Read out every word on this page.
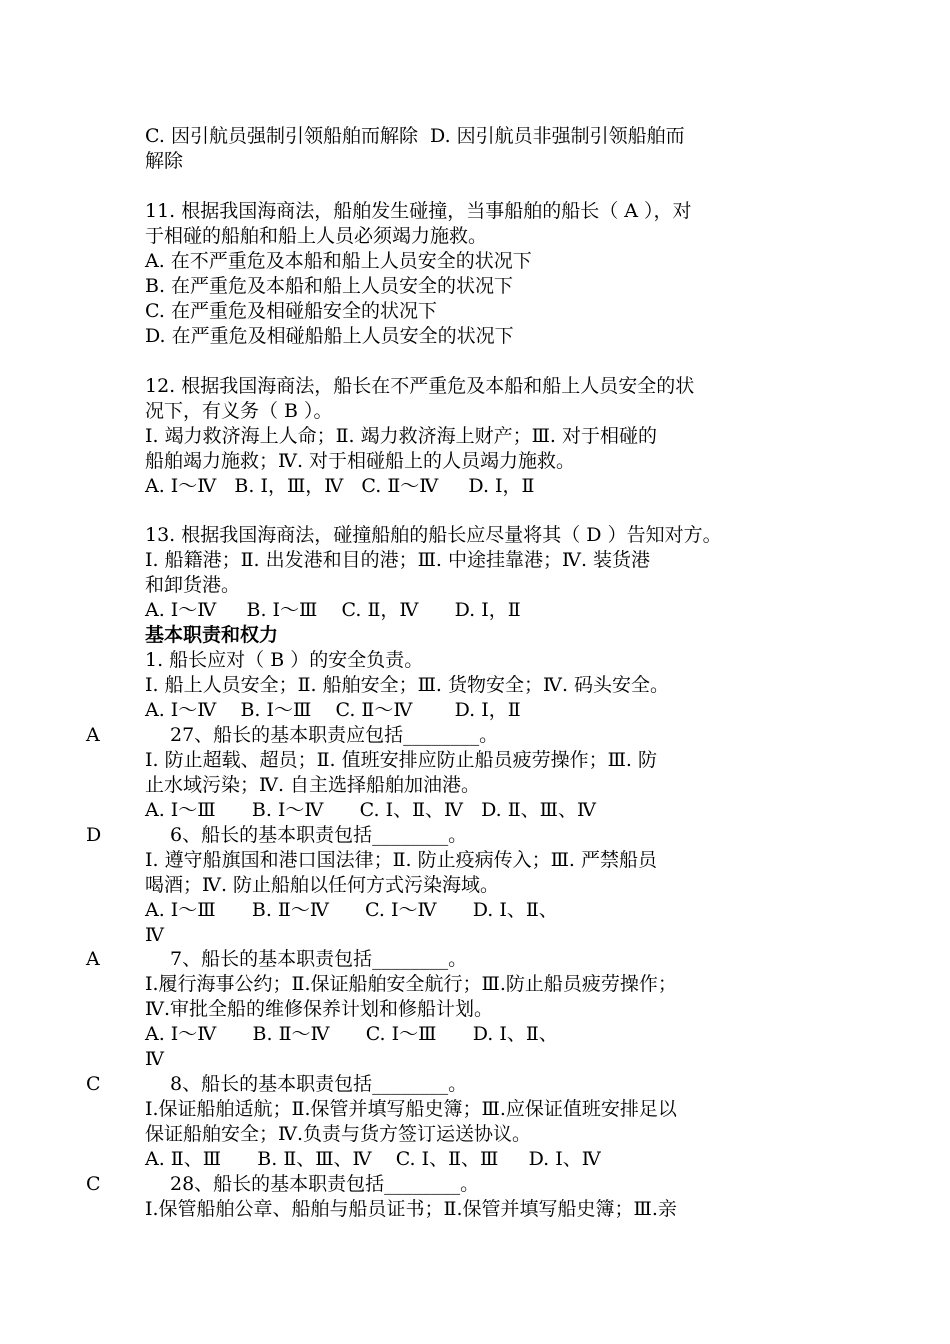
C. 因引航员强制引领船舶而解除  D. 因引航员非强制引领船舶而
解除
11. 根据我国海商法，船舶发生碰撞，当事船舶的船长（ A ），对
于相碰的船舶和船上人员必须竭力施救。
A. 在不严重危及本船和船上人员安全的状况下
B. 在严重危及本船和船上人员安全的状况下
C. 在严重危及相碰船安全的状况下
D. 在严重危及相碰船船上人员安全的状况下
12. 根据我国海商法，船长在不严重危及本船和船上人员安全的状
况下，有义务（ B ）。
Ⅰ. 竭力救济海上人命；Ⅱ. 竭力救济海上财产；Ⅲ. 对于相碰的
船舶竭力施救；Ⅳ. 对于相碰船上的人员竭力施救。
A. Ⅰ～Ⅳ   B. Ⅰ，Ⅲ，Ⅳ   C. Ⅱ～Ⅳ     D. Ⅰ，Ⅱ
13. 根据我国海商法，碰撞船舶的船长应尽量将其（ D ）告知对方。
Ⅰ. 船籍港；Ⅱ. 出发港和目的港；Ⅲ. 中途挂靠港；Ⅳ. 装货港
和卸货港。
A. Ⅰ～Ⅳ     B. Ⅰ～Ⅲ    C. Ⅱ，Ⅳ      D. Ⅰ，Ⅱ
基本职责和权力
1. 船长应对（ B ）的安全负责。
Ⅰ. 船上人员安全；Ⅱ. 船舶安全；Ⅲ. 货物安全；Ⅳ. 码头安全。
A. Ⅰ～Ⅳ    B. Ⅰ～Ⅲ    C. Ⅱ～Ⅳ       D. Ⅰ，Ⅱ
A	27、船长的基本职责应包括________。
Ⅰ. 防止超载、超员；Ⅱ. 值班安排应防止船员疲劳操作；Ⅲ. 防
止水域污染；Ⅳ. 自主选择船舶加油港。
A. Ⅰ～Ⅲ      B. Ⅰ～Ⅳ      C. Ⅰ、Ⅱ、Ⅳ   D. Ⅱ、Ⅲ、Ⅳ
D	6、船长的基本职责包括________。
Ⅰ. 遵守船旗国和港口国法律；Ⅱ. 防止疫病传入；Ⅲ. 严禁船员
喝酒；Ⅳ. 防止船舶以任何方式污染海域。
A. Ⅰ～Ⅲ      B. Ⅱ～Ⅳ      C. Ⅰ～Ⅳ      D. Ⅰ、Ⅱ、
Ⅳ
A	7、船长的基本职责包括________。
Ⅰ.履行海事公约；Ⅱ.保证船舶安全航行；Ⅲ.防止船员疲劳操作；
Ⅳ.审批全船的维修保养计划和修船计划。
A. Ⅰ～Ⅳ      B. Ⅱ～Ⅳ      C. Ⅰ～Ⅲ      D. Ⅰ、Ⅱ、
Ⅳ
C	8、船长的基本职责包括________。
Ⅰ.保证船舶适航；Ⅱ.保管并填写船史簿；Ⅲ.应保证值班安排足以
保证船舶安全；Ⅳ.负责与货方签订运送协议。
A. Ⅱ、Ⅲ      B. Ⅱ、Ⅲ、Ⅳ    C. Ⅰ、Ⅱ、Ⅲ     D. Ⅰ、Ⅳ
C	28、船长的基本职责包括________。
Ⅰ.保管船舶公章、船舶与船员证书；Ⅱ.保管并填写船史簿；Ⅲ.亲
